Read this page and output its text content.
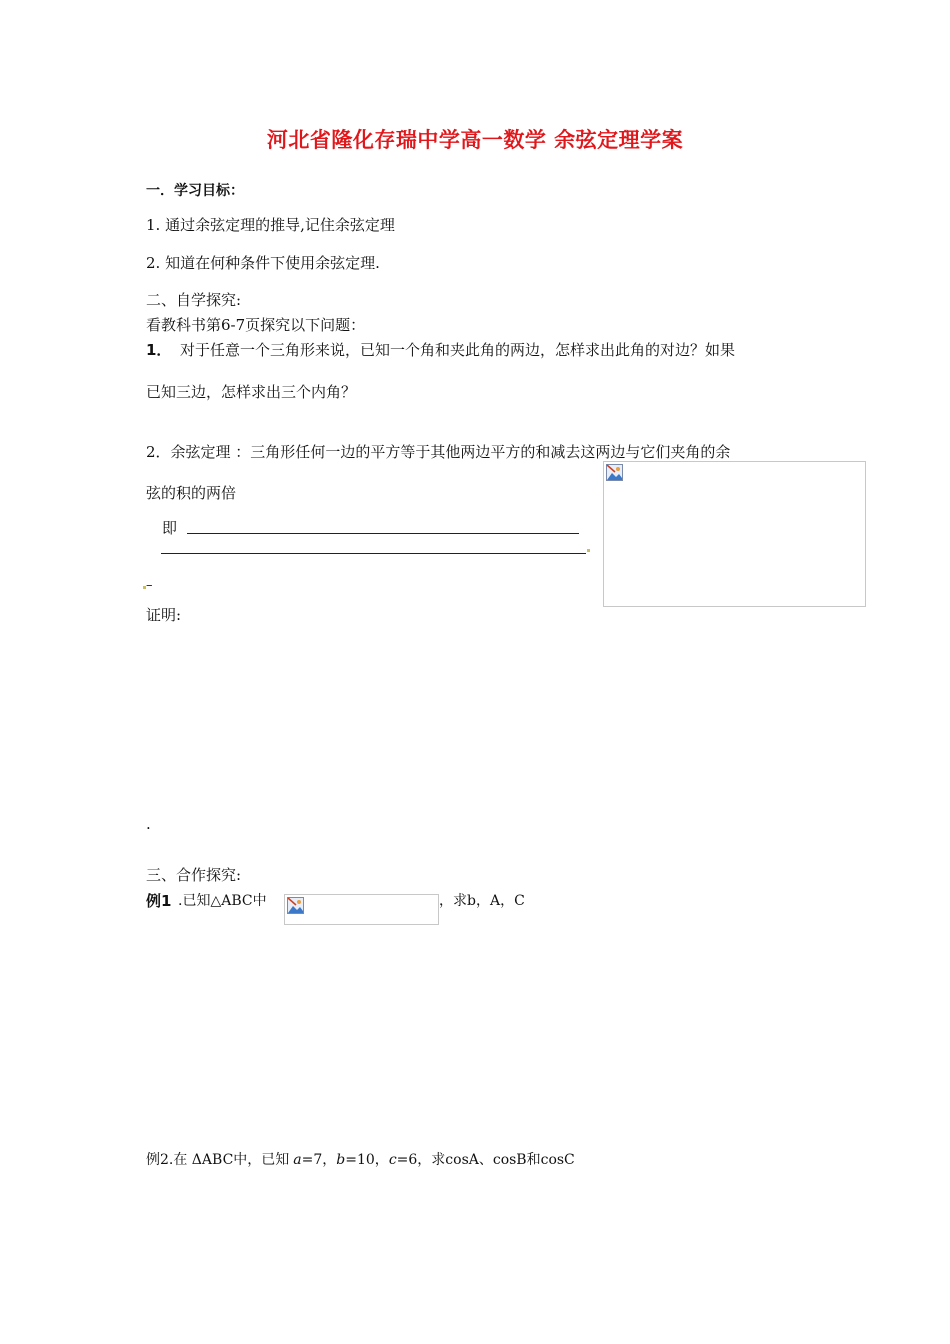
河北省隆化存瑞中学高一数学 余弦定理学案
一．学习目标：
1. 通过余弦定理的推导,记住余弦定理
2. 知道在何种条件下使用余弦定理.
二、自学探究:
看教科书第6-7页探究以下问题：
1． 对于任意一个三角形来说，已知一个角和夹此角的两边，怎样求出此角的对边？如果
已知三边，怎样求出三个内角？
2．余弦定理 ：三角形任何一边的平方等于其他两边平方的和减去这两边与它们夹角的余
弦的积的两倍
即
–
证明:
.
三、合作探究:
例1 .已知△ABC中	，求b，A，C
例2.在 ΔABC中，已知 a=7，b=10，c=6，求cosA、cosB和cosC
